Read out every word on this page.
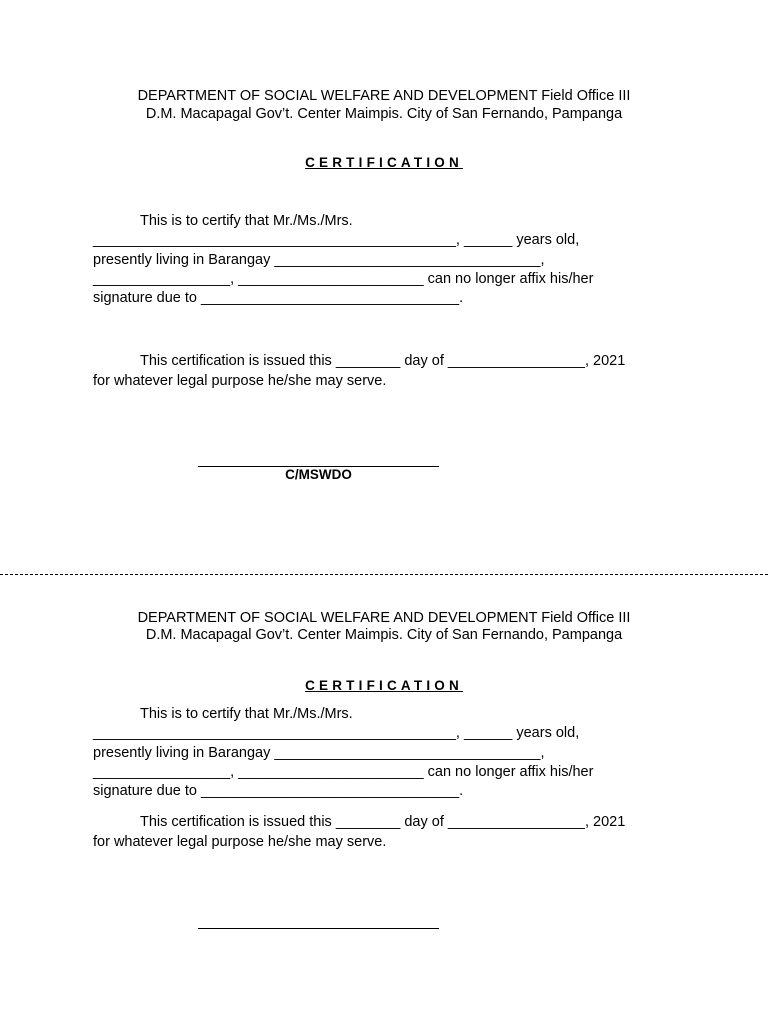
DEPARTMENT OF SOCIAL WELFARE AND DEVELOPMENT Field Office III
D.M. Macapagal Gov’t. Center Maimpis. City of San Fernando, Pampanga
CERTIFICATION
This is to certify that Mr./Ms./Mrs.
_____________________________________________, ______ years old,
presently living in Barangay _________________________________,
_________________, _______________________ can no longer affix his/her
signature due to ________________________________.
This certification is issued this ________ day of _________________, 2021
for whatever legal purpose he/she may serve.
C/MSWDO
DEPARTMENT OF SOCIAL WELFARE AND DEVELOPMENT Field Office III
D.M. Macapagal Gov’t. Center Maimpis. City of San Fernando, Pampanga
CERTIFICATION
This is to certify that Mr./Ms./Mrs.
_____________________________________________, ______ years old,
presently living in Barangay _________________________________,
_________________, _______________________ can no longer affix his/her
signature due to ________________________________.
This certification is issued this ________ day of _________________, 2021
for whatever legal purpose he/she may serve.
